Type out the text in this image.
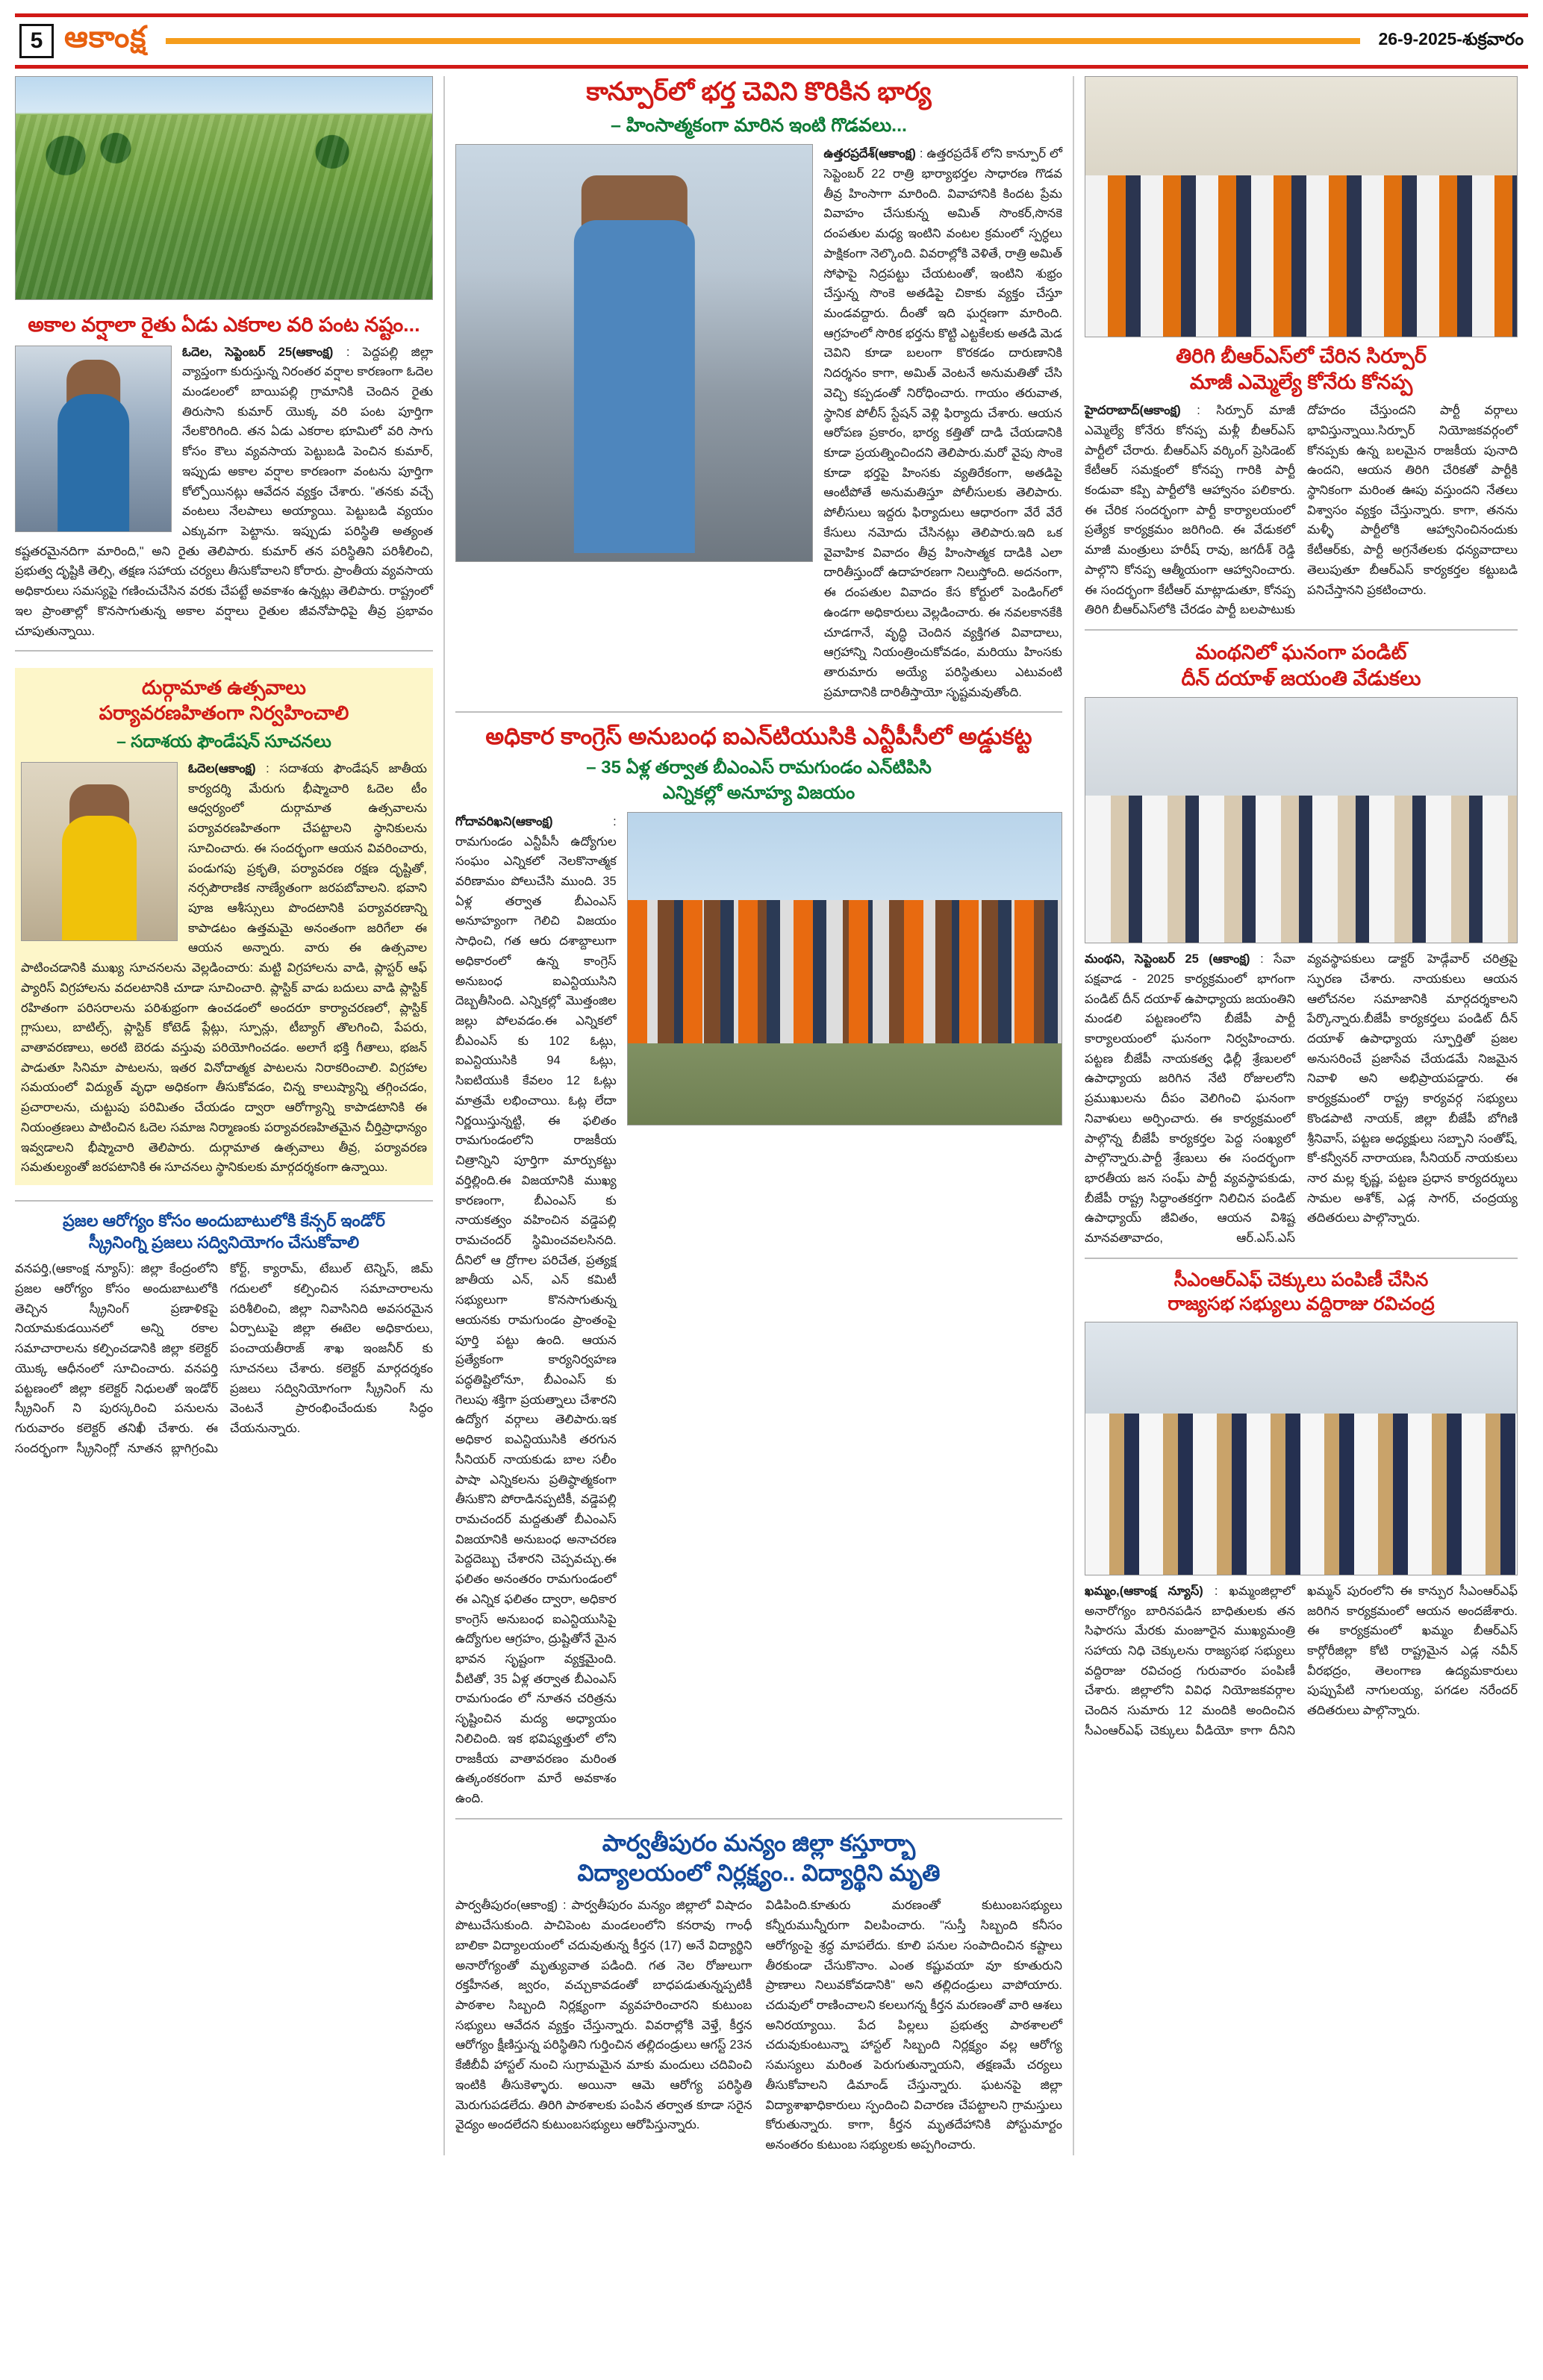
5 ఆకాంక్ష	26-9-2025-శుక్రవారం
అకాల వర్షాలా రైతు ఏడు ఎకరాల వరి పంట నష్టం...
ఓదెల, సెప్టెంబర్ 25(ఆకాంక్ష) : పెద్దపల్లి జిల్లా వ్యాప్తంగా కురుస్తున్న నిరంతర వర్షాల కారణంగా ఓదెల మండలంలో బాయిపల్లి గ్రామానికి చెందిన రైతు తిరుసాని కుమార్ యొక్క వరి పంట పూర్తిగా నేలకొరిగింది. తన ఏడు ఎకరాల భూమిలో వరి సాగు కోసం కౌలు వ్యవసాయ పెట్టుబడి పెంచిన కుమార్, ఇప్పుడు అకాల వర్షాల కారణంగా వంటను పూర్తిగా కోల్పోయినట్లు ఆవేదన వ్యక్తం చేశారు. "తనకు వచ్చే వంటలు నేలపాలు అయ్యాయి. పెట్టుబడి వ్యయం ఎక్కువగా పెట్టాను. ఇప్పుడు పరిస్థితి అత్యంత కష్టతరమైనదిగా మారింది," అని రైతు తెలిపారు. కుమార్ తన పరిస్థితిని పరిశీలించి, ప్రభుత్వ దృష్టికి తెల్సి, తక్షణ సహాయ చర్యలు తీసుకోవాలని కోరారు. ప్రాంతీయ వ్యవసాయ అధికారులు సమస్యపై గణించుచేసిన వరకు చేపట్టే అవకాశం ఉన్నట్లు తెలిపారు. రాష్ట్రంలో ఇల ప్రాంతాల్లో కొనసాగుతున్న అకాల వర్షాలు రైతుల జీవనోపాధిపై తీవ్ర ప్రభావం చూపుతున్నాయి.
దుర్గామాత ఉత్సవాలు
పర్యావరణహితంగా నిర్వహించాలి
– సదాశయ ఫౌండేషన్ సూచనలు
ఓదెల(ఆకాంక్ష) : సదాశయ ఫౌండేషన్ జాతీయ కార్యదర్శి మేరుగు భీష్మాచారి ఓదెల టీం ఆధ్వర్యంలో దుర్గామాత ఉత్సవాలను పర్యావరణహితంగా చేపట్టాలని స్థానికులను సూచించారు. ఈ సందర్భంగా ఆయన వివరించారు, పండుగపు ప్రకృతి, పర్యావరణ రక్షణ దృష్టితో, నర్సపౌరాణిక నాణ్యేతంగా జరపబోవాలని. భవాని పూజ ఆశీస్సులు పొందటానికి పర్యావరణాన్ని కాపాడటం ఉత్తమమై అనంతంగా జరిగేలా ఈ ఆయన అన్నారు. వారు ఈ ఉత్సవాల పాటించడానికి ముఖ్య సూచనలను వెల్లడించారు: మట్టి విగ్రహాలను వాడి, ప్లాస్టర్ ఆఫ్ ప్యారిస్ విగ్రహాలను వదలటానికి చూడా సూచించారి. ప్లాస్టిక్ వాడు బదులు వాడి ప్లాస్టిక్ రహితంగా పరిసరాలను పరిశుభ్రంగా ఉంచడంలో అందరూ కార్యాచరణలో, ప్లాస్టిక్ గ్లాసులు, బాటిల్స్, ప్లాస్టిక్ కోటెడ్ ప్లేట్లు, స్పూన్లు, టీబ్యాగ్ తొలగించి, పేపరు, వాతావరణాలు, అరటి బెరడు వస్తువు పరియోగించడం. అలాగే భక్తి గీతాలు, భజన్ పాడుతూ సినిమా పాటలను, ఇతర వినోదాత్మక పాటలను నిరాకరించాలి. విగ్రహాల సమయంలో విద్యుత్ వృధా అధికంగా తీసుకోవడం, చిన్న కాలుష్యాన్ని తగ్గించడం, ప్రచారాలను, చుట్టుపు పరిమితం చేయడం ద్వారా ఆరోగ్యాన్ని కాపాడటానికి ఈ నియంత్రణలు పాటించిన ఓదెల సమాజ నిర్మాణంకు పర్యావరణహితమైన చీర్తిప్రాధాన్యం ఇవ్వడాలని భీష్మాచారి తెలిపారు. దుర్గామాత ఉత్సవాలు తీవ్ర, పర్యావరణ సమతుల్యంతో జరపటానికి ఈ సూచనలు స్థానికులకు మార్గదర్శకంగా ఉన్నాయి.
ప్రజల ఆరోగ్యం కోసం అందుబాటులోకి కేన్సర్ ఇండోర్
స్క్రీనింగ్ని ప్రజలు సద్వినియోగం చేసుకోవాలి
వనపర్తి,(ఆకాంక్ష న్యూస్): జిల్లా కేంద్రంలోని ప్రజల ఆరోగ్యం కోసం అందుబాటులోకి తెచ్చిన స్క్రీనింగ్ ప్రణాళికపై నియామకుడయినలో అన్ని రకాల సమాచారాలను కల్పించడానికి జిల్లా కలెక్టర్ యొక్క ఆధీనంలో సూచించారు. వనపర్తి పట్టణంలో జిల్లా కలెక్టర్ నిధులతో ఇండోర్ స్క్రీనింగ్ ని పురస్కరించి పనులను గురువారం కలెక్టర్ తనిఖీ చేశారు. ఈ సందర్భంగా స్క్రీనింగ్లో నూతన బ్లాగిగ్రంమి కోర్ట్, క్యారామ్, టేబుల్ టెన్నిస్, జిమ్ గదులలో కల్పించిన సమాచారాలను పరిశీలించి, జిల్లా నివాసినిది అవసరమైన ఏర్పాటుపై జిల్లా ఈటెల అధికారులు, పంచాయతీరాజ్ శాఖ ఇంజనీర్ కు సూచనలు చేశారు. కలెక్టర్ మార్గదర్శకం ప్రజలు సద్వినియోగంగా స్క్రీనింగ్ ను వెంటనే ప్రారంభించేందుకు సిద్ధం చేయనున్నారు.
కాన్పూర్‌లో భర్త చెవిని కొరికిన భార్య
– హింసాత్మకంగా మారిన ఇంటి గొడవలు...
ఉత్తరప్రదేశ్(ఆకాంక్ష) : ఉత్తరప్రదేశ్ లోని కాన్పూర్ లో సెప్టెంబర్ 22 రాత్రి భార్యాభర్తల సాధారణ గొడవ తీవ్ర హింసాగా మారింది. వివాహానికి కిందట ప్రేమ వివాహం చేసుకున్న అమిత్ సొంకర్,సొనకె దంపతుల మధ్య ఇంటిని వంటల క్రమంలో స్పర్ధలు పాక్షికంగా నెల్కొంది. వివరాల్లోకి వెళితే, రాత్రి అమిత్ సోఫాపై నిద్రపట్టు చేయటంతో, ఇంటిని శుభ్రం చేస్తున్న సొంకె అతడిపై చికాకు వ్యక్తం చేస్తూ మండవద్దారు. దీంతో ఇది ఘర్షణగా మారింది. ఆగ్రహంలో సొరిక భర్తను కొట్టి ఎట్టకేలకు అతడి మెడ చెవిని కూడా బలంగా కొరకడం దారుణానికి నిదర్శనం కాగా, అమిత్ వెంటనే అనుమతితో చేసి వెచ్చి కప్పడంతో నిరోధించారు. గాయం తరువాత, స్థానిక పోలీస్ స్టేషన్ వెళ్లి ఫిర్యాదు చేశారు. ఆయన ఆరోపణ ప్రకారం, భార్య కత్తితో దాడి చేయడానికి కూడా ప్రయత్నించిందని తెలిపారు.మరో వైపు సొంకె కూడా భర్తపై హింసకు వ్యతిరేకంగా, అతడిపై ఆంటీపోతే అనుమతిస్తూ పోలీసులకు తెలిపారు. పోలీసులు ఇద్దరు ఫిర్యాదులు ఆధారంగా వేరే వేరే కేసులు నమోదు చేసినట్లు తెలిపారు.ఇది ఒక వైవాహిక వివాదం తీవ్ర హింసాత్మక దాడికి ఎలా దారితీస్తుందో ఉదాహరణగా నిలుస్తోంది. అదనంగా, ఈ దంపతుల వివాదం కేస కోర్టులో పెండింగ్‌లో ఉండగా అధికారులు వెల్లడించారు. ఈ నవలకానకేకి చూడగానే, వృద్ధి చెందిన వ్యక్తిగత వివాదాలు, ఆగ్రహాన్ని నియంత్రించుకోవడం, మరియు హింసకు తారుమారు అయ్యే పరిస్థితులు ఎటువంటి ప్రమాదానికి దారితీస్తాయో సృష్టమవుతోంది.
అధికార కాంగ్రెస్ అనుబంధ ఐఎన్‌టియుసికి ఎన్టీపీసీలో అడ్డుకట్ట
– 35 ఏళ్ల తర్వాత బీఎంఎస్ రామగుండం ఎన్‌టిపిసి
ఎన్నికల్లో అనూహ్య విజయం
గోదావరిఖని(ఆకాంక్ష)	: రామగుండం ఎన్టీపీసీ ఉద్యోగుల సంఘం ఎన్నికలో నెలకొనాత్మక వరిణామం పోలుచేసి ముంది. 35 ఏళ్ల తర్వాత బీఎంఎస్ అనూహ్యంగా గెలిచి విజయం సాధించి, గత ఆరు దశాబ్దాలుగా అధికారంలో ఉన్న కాంగ్రెస్ అనుబంధ ఐఎన్టియుసిని దెబ్బతీసింది. ఎన్నికల్లో మొత్తంజిల జల్లు పోలవడం.ఈ ఎన్నికలో బీఎంఎస్ కు 102 ఓట్లు, ఐఎన్టియుసికి 94 ఓట్లు, సిఐటియుకి కేవలం 12 ఓట్లు మాత్రమే లభించాయి. ఓట్ల లేదా నిర్ణయిస్తున్నట్టి, ఈ ఫలితం రామగుండంలోని రాజకీయ చిత్రాన్నిని పూర్తిగా మార్పుకట్టు వర్తిల్లింది.ఈ విజయానికి ముఖ్య కారణంగా, బీఎంఎస్ కు నాయకత్వం వహించిన వడ్డెపల్లి రామచందర్ స్థిమించవలసినది. దీనిలో ఆ ద్రోగాల పరిచేత, ప్రత్యక్ష జాతీయ ఎన్, ఎన్ కమిటీ సభ్యులుగా కొనసాగుతున్న ఆయనకు రామగుండం ప్రాంతంపై పూర్తి పట్టు ఉంది. ఆయన ప్రత్యేకంగా కార్యనిర్వహణ పద్ధతిష్టిలోనూ, బీఎంఎస్ కు గెలుపు శక్తిగా ప్రయత్నాలు చేశారని ఉద్యోగ వర్గాలు తెలిపారు.ఇక అధికార ఐఎన్టియుసికి తరగున సీనియర్ నాయకుడు బాల సలీం పాషా ఎన్నికలను ప్రతిష్ఠాత్మకంగా తీసుకొని పోరాడినప్పటికీ, వడ్డెపల్లి రామచందర్ మద్దతుతో బీఎంఎస్ విజయానికి అనుబంధ అనాచరణ పెద్దదెబ్బు చేశారని చెప్పవచ్చు.ఈ ఫలితం అనంతరం రామగుండంలో ఈ ఎన్నిక ఫలితం ద్వారా, అధికార కాంగ్రెస్ అనుబంధ ఐఎన్టియుసిపై ఉద్యోగుల ఆగ్రహం, ద్రుష్టితోనే మైన భావన సృష్టంగా వ్యక్తమైంది. వీటితో, 35 ఏళ్ల తర్వాత బీఎంఎస్ రామగుండం లో నూతన చరిత్రను సృష్టించిన మద్య అధ్యాయం నిలిచింది. ఇక భవిష్యత్తులో లోని రాజకీయ వాతావరణం మరింత ఉత్కంఠకరంగా మారే అవకాశం ఉంది.
పార్వతీపురం మన్యం జిల్లా కస్తూర్బా
విద్యాలయంలో నిర్లక్ష్యం.. విద్యార్థిని మృతి
పార్వతీపురం(ఆకాంక్ష) : పార్వతీపురం మన్యం జిల్లాలో విషాదం పొటుచేసుకుంది. పాచిపెంట మండలంలోని కనరావు గాంధీ బాలికా విద్యాలయంలో చదువుతున్న కీర్తన (17) అనే విద్యార్థిని అనారోగ్యంతో మృత్యువాత పడింది. గత నెల రోజులుగా రక్తహీనత, జ్వరం, వచ్చుకావడంతో బాధపడుతున్నప్పటికీ పాఠశాల సిబ్బంది నిర్లక్ష్యంగా వ్యవహరించారని కుటుంబ సభ్యులు ఆవేదన వ్యక్తం చేస్తున్నారు. వివరాల్లోకి వెళ్తే, కీర్తన ఆరోగ్యం క్షీణిస్తున్న పరిస్థితిని గుర్తించిన తల్లిదండ్రులు ఆగస్ట్ 23న కేజీబీవీ హాస్టల్ నుంచి సుగ్రామమైన మాకు మందులు చదివించి ఇంటికి తీసుకెళ్ళారు. అయినా ఆమె ఆరోగ్య పరిస్థితి మెరుగుపడలేదు. తిరిగి పాఠశాలకు పంపిన తర్వాత కూడా సరైన వైద్యం అందలేదని కుటుంబసభ్యులు ఆరోపిస్తున్నారు.
విడిపింది.కూతురు మరణంతో కుటుంబసభ్యులు కన్నీరుమున్నీరుగా విలపించారు. "సుస్తీ సిబ్బంది కనీసం ఆరోగ్యంపై శ్రద్ధ మాపలేదు. కూలి పనుల సంపాదించిన కష్టాలు తీరకుండా చేసుకొనాం. ఎంత కష్టువయా వూ కూతురుని ప్రాణాలు నిలువకోవడానికి" అని తల్లిదండ్రులు వాపోయారు. చదువులో రాణించాలని కలలుగన్న కీర్తన మరణంతో వారి ఆశలు అనిరయ్యాయి. పేద పిల్లలు ప్రభుత్వ పాఠశాలలో చదువుకుంటున్నా హాస్టల్ సిబ్బంది నిర్లక్ష్యం వల్ల ఆరోగ్య సమస్యలు మరింత పెరుగుతున్నాయని, తక్షణమే చర్యలు తీసుకోవాలని డిమాండ్ చేస్తున్నారు. ఘటనపై జిల్లా విద్యాశాఖాధికారులు స్పందించి విచారణ చేపట్టాలని గ్రామస్తులు కోరుతున్నారు. కాగా, కీర్తన మృతదేహానికి పోస్టుమార్టం అనంతరం కుటుంబ సభ్యులకు అప్పగించారు.
తిరిగి బీఆర్ఎస్‌లో చేరిన సిర్పూర్
మాజీ ఎమ్మెల్యే కోనేరు కోనప్ప
హైదరాబాద్(ఆకాంక్ష) : సిర్పూర్ మాజీ ఎమ్మెల్యే కోనేరు కోనప్ప మళ్లీ బీఆర్ఎస్ పార్టీలో చేరారు. బీఆర్ఎస్ వర్కింగ్ ప్రెసిడెంట్ కేటీఆర్ సమక్షంలో కోనప్ప గారికి పార్టీ కండువా కప్పి పార్టీలోకి ఆహ్వానం పలికారు. ఈ చేరిక సందర్భంగా పార్టీ కార్యాలయంలో ప్రత్యేక కార్యక్రమం జరిగింది. ఈ వేడుకలో మాజీ మంత్రులు హరీష్ రావు, జగదీశ్ రెడ్డి పాల్గొని కోనప్ప ఆత్మీయంగా ఆహ్వానించారు. ఈ సందర్భంగా కేటీఆర్ మాట్లాడుతూ, కోనప్ప తిరిగి బీఆర్ఎస్‌లోకి చేరడం పార్టీ బలపాటుకు దోహదం చేస్తుందని పార్టీ వర్గాలు భావిస్తున్నాయి.సిర్పూర్ నియోజకవర్గంలో కోనప్పకు ఉన్న బలమైన రాజకీయ పునాది ఉందని, ఆయన తిరిగి చేరికతో పార్టీకి స్థానికంగా మరింత ఊపు వస్తుందని నేతలు విశ్వాసం వ్యక్తం చేస్తున్నారు. కాగా, తనను మళ్ళీ పార్టీలోకి ఆహ్వానించినందుకు కేటీఆర్‌కు, పార్టీ అగ్రనేతలకు ధన్యవాదాలు తెలుపుతూ బీఆర్ఎస్ కార్యకర్తల కట్టుబడి పనిచేస్తానని ప్రకటించారు.
మంథనిలో ఘనంగా పండిట్
దీన్ దయాళ్ జయంతి వేడుకలు
మంథని, సెప్టెంబర్ 25 (ఆకాంక్ష) : సేవా పక్షవాడ - 2025 కార్యక్రమంలో భాగంగా పండిట్ దీన్ దయాళ్ ఉపాధ్యాయ జయంతిని మండలి పట్టణంలోని బీజేపీ పార్టీ కార్యాలయంలో ఘనంగా నిర్వహించారు. పట్టణ బీజేపీ నాయకత్వ ఢిల్లీ శ్రేణులలో ఉపాధ్యాయ జరిగిన నేటి రోజులలోని ప్రముఖులను దీపం వెలిగించి ఘనంగా నివాళులు అర్పించారు. ఈ కార్యక్రమంలో పాల్గొన్న బీజేపీ కార్యకర్తల పెద్ద సంఖ్యలో పాల్గొన్నారు.పార్టీ శ్రేణులు ఈ సందర్భంగా భారతీయ జన సంఘ్ పార్టీ వ్యవస్థాపకుడు, బీజేపీ రాష్ట్ర సిద్ధాంతకర్తగా నిలిచిన పండిట్ ఉపాధ్యాయ్ జీవితం, ఆయన విశిష్ట మానవతావాదం, ఆర్.ఎస్.ఎస్ వ్యవస్థాపకులు డాక్టర్ హెడ్గేవార్ చరిత్రపై స్ఫురణ చేశారు. నాయకులు ఆయన ఆలోచనల సమాజానికి మార్గదర్శకాలని పేర్కొన్నారు.బీజేపీ కార్యకర్తలు పండిట్ దీన్ దయాళ్ ఉపాధ్యాయ స్ఫూర్తితో ప్రజల అనుసరించే ప్రజాసేవ చేయడమే నిజమైన నివాళి అని అభిప్రాయపడ్డారు. ఈ కార్యక్రమంలో రాష్ట్ర కార్యవర్గ సభ్యులు కొండపాటి నాయక్, జిల్లా బీజేపీ బోగిణి శ్రీనివాస్, పట్టణ అధ్యక్షులు సబ్బాని సంతోష్, కో-కన్వీనర్ నారాయణ, సీనియర్ నాయకులు నార మల్ల కృష్ణ, పట్టణ ప్రధాన కార్యదర్శులు సామల అశోక్, ఎడ్ల సాగర్, చంద్రయ్య తదితరులు పాల్గొన్నారు.
సీఎంఆర్ఎఫ్ చెక్కులు పంపిణీ చేసిన
రాజ్యసభ సభ్యులు వద్దిరాజు రవిచంద్ర
ఖమ్మం,(ఆకాంక్ష న్యూస్) : ఖమ్మంజిల్లాలో అనారోగ్యం బారినపడిన బాధితులకు తన సిఫారసు మేరకు మంజూరైన ముఖ్యమంత్రి సహాయ నిధి చెక్కులను రాజ్యసభ సభ్యులు వద్దిరాజు రవిచంద్ర గురువారం పంపిణీ చేశారు. జిల్లాలోని వివిధ నియోజకవర్గాల చెందిన సుమారు 12 మందికి అందించిన సీఎంఆర్ఎఫ్ చెక్కులు వీడియో కాగా దీనిని ఖమ్మన్ పురంలోని ఈ కాన్పుర సీఎంఆర్ఎఫ్ జరిగిన కార్యక్రమంలో ఆయన అందజేశారు. ఈ కార్యక్రమంలో ఖమ్మం బీఆర్ఎస్ కార్గోరీజిల్లా కోటి రాష్ట్రమైన ఎడ్ల నవీన్ వీరభద్రం, తెలంగాణ ఉద్యమకారులు పుప్పుపేటి నాగులయ్య, పగడల నరేందర్ తదితరులు పాల్గొన్నారు.
